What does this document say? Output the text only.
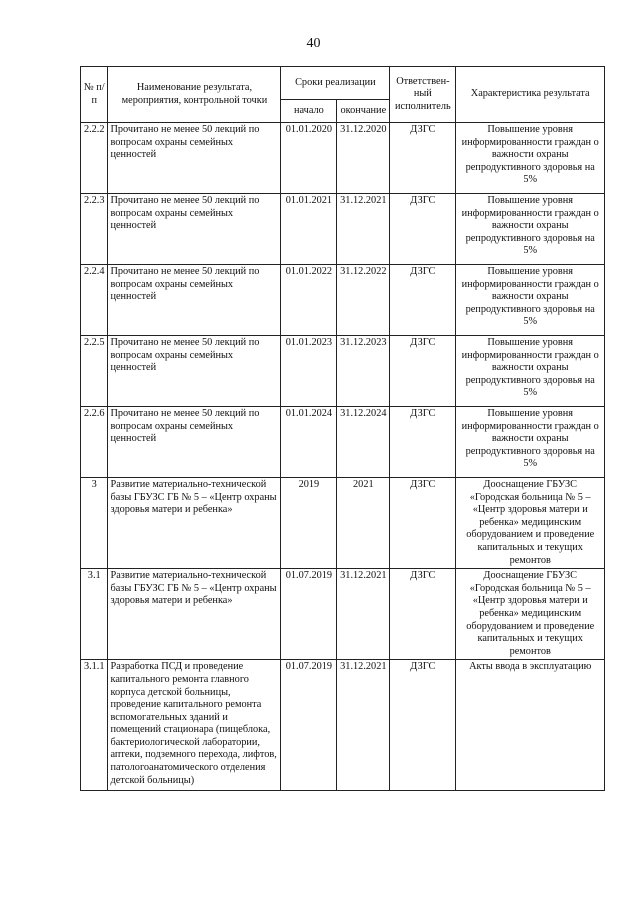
40
№ п/п	Наименование результата, мероприятия, контрольной точки	Сроки реализации		Ответствен-ный исполнитель	Характеристика результата
		начало	окончание		
2.2.2	Прочитано не менее 50 лекций по вопросам охраны семейных ценностей	01.01.2020	31.12.2020	ДЗГС	Повышение уровня информированности граждан о важности охраны репродуктивного здоровья на 5%
2.2.3	Прочитано не менее 50 лекций по вопросам охраны семейных ценностей	01.01.2021	31.12.2021	ДЗГС	Повышение уровня информированности граждан о важности охраны репродуктивного здоровья на 5%
2.2.4	Прочитано не менее 50 лекций по вопросам охраны семейных ценностей	01.01.2022	31.12.2022	ДЗГС	Повышение уровня информированности граждан о важности охраны репродуктивного здоровья на 5%
2.2.5	Прочитано не менее 50 лекций по вопросам охраны семейных ценностей	01.01.2023	31.12.2023	ДЗГС	Повышение уровня информированности граждан о важности охраны репродуктивного здоровья на 5%
2.2.6	Прочитано не менее 50 лекций по вопросам охраны семейных ценностей	01.01.2024	31.12.2024	ДЗГС	Повышение уровня информированности граждан о важности охраны репродуктивного здоровья на 5%
3	Развитие материально-технической базы ГБУЗС ГБ № 5 – «Центр охраны здоровья матери и ребенка»	2019	2021	ДЗГС	Дооснащение ГБУЗС «Городская больница № 5 – «Центр здоровья матери и ребенка» медицинским оборудованием и проведение капитальных и текущих ремонтов
3.1	Развитие материально-технической базы ГБУЗС ГБ № 5 – «Центр охраны здоровья матери и ребенка»	01.07.2019	31.12.2021	ДЗГС	Дооснащение ГБУЗС «Городская больница № 5 – «Центр здоровья матери и ребенка» медицинским оборудованием и проведение капитальных и текущих ремонтов
3.1.1	Разработка ПСД и проведение капитального ремонта главного корпуса детской больницы, проведение капитального ремонта вспомогательных зданий и помещений стационара (пищеблока, бактериологической лаборатории, аптеки, подземного перехода, лифтов, патологоанатомического отделения детской больницы)	01.07.2019	31.12.2021	ДЗГС	Акты ввода в эксплуатацию
